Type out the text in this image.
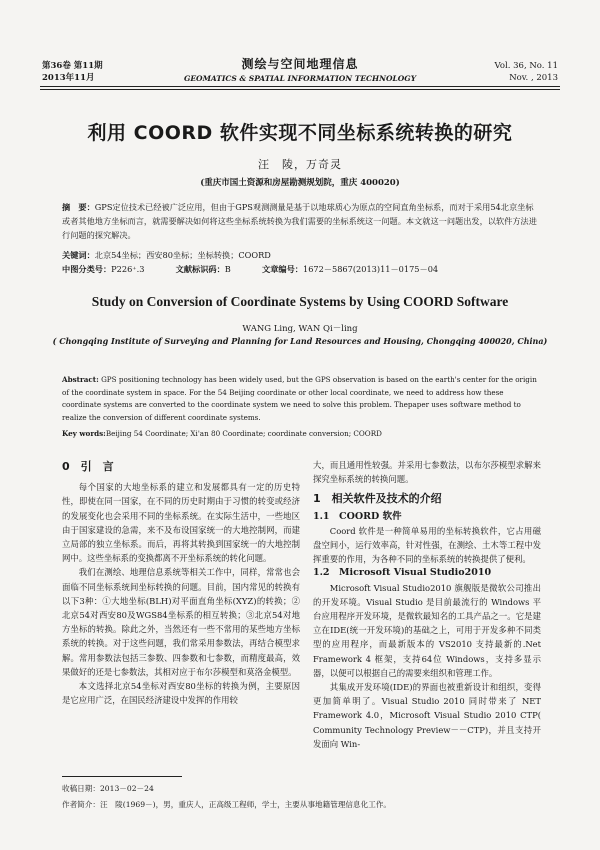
第36卷 第11期
2013年11月
测绘与空间地理信息
GEOMATICS & SPATIAL INFORMATION TECHNOLOGY
Vol. 36, No. 11
Nov. , 2013
利用 COORD 软件实现不同坐标系统转换的研究
汪　陵，万奇灵
(重庆市国土资源和房屋勘测规划院，重庆 400020)
摘　要：GPS定位技术已经被广泛应用，但由于GPS观测测量是基于以地球质心为原点的空间直角坐标系，而对于采用54北京坐标或者其他地方坐标而言，就需要解决如何将这些坐标系统转换为我们需要的坐标系统这一问题。本文就这一问题出发，以软件方法进行问题的探究解决。
关键词：北京54坐标；西安80坐标；坐标转换；COORD
中图分类号：P226⁺.3	文献标识码：B	文章编号：1672－5867(2013)11－0175－04
Study on Conversion of Coordinate Systems by Using COORD Software
WANG Ling, WAN Qi－ling
( Chongqing Institute of Surveying and Planning for Land Resources and Housing, Chongqing 400020, China)
Abstract: GPS positioning technology has been widely used, but the GPS observation is based on the earth's center for the origin of the coordinate system in space. For the 54 Beijing coordinate or other local coordinate, we need to address how these coordinate systems are converted to the coordinate system we need to solve this problem. Thepaper uses software method to realize the conversion of different coordinate systems.
Key words:Beijing 54 Coordinate; Xi'an 80 Coordinate; coordinate conversion; COORD
0　引　言

每个国家的大地坐标系的建立和发展都具有一定的历史特性，即使在同一国家，在不同的历史时期由于习惯的转变或经济的发展变化也会采用不同的坐标系统。在实际生活中，一些地区由于国家建设的急需，来不及布设国家统一的大地控制网，而建立局部的独立坐标系。而后，再将其转换到国家统一的大地控制网中。这些坐标系的变换都离不开坐标系统的转化问题。

我们在测绘、地理信息系统等相关工作中，同样，常常也会面临不同坐标系统间坐标转换的问题。目前，国内常见的转换有以下3种：①大地坐标(BLH)对平面直角坐标(XYZ)的转换；②北京54对西安80及WGS84坐标系的相互转换；③北京54对地方坐标的转换。除此之外，当然还有一些不常用的某些地方坐标系统的转换。对于这些问题，我们常采用参数法，再结合模型求解。常用参数法包括三参数、四参数和七参数，而精度最高，效果做好的还是七参数法，其相对应于布尔莎模型和莫洛金模型。

本文选择北京54坐标对西安80坐标的转换为例，主要原因是它应用广泛，在国民经济建设中发挥的作用较

大，而且通用性较强。并采用七参数法，以布尔莎模型求解来探究坐标系统的转换问题。

1　相关软件及技术的介绍
1.1　COORD 软件

Coord 软件是一种简单易用的坐标转换软件，它占用磁盘空间小，运行效率高，针对性强，在测绘、土木等工程中发挥重要的作用，为各种不同的坐标系统的转换提供了便利。

1.2　Microsoft Visual Studio2010

Microsoft Visual Studio2010 旗舰版是微软公司推出的开发环境。Visual Studio 是目前最流行的 Windows 平台应用程序开发环境，是微软最知名的工具产品之一。它是建立在IDE(统一开发环境)的基础之上，可用于开发多种不同类型的应用程序，而最新版本的 VS2010 支持最新的.Net Framework 4 框架，支持64位 Windows，支持多显示器，以便可以根据自己的需要来组织和管理工作。

其集成开发环境(IDE)的界面也被重新设计和组织，变得更加简单明了。Visual Studio 2010 同时带来了 NET Framework 4.0，Microsoft Visual Studio 2010 CTP( Community Technology Preview－－CTP)，并且支持开发面向 Win-

收稿日期：2013－02－24
作者简介：汪　陵(1969－)，男，重庆人，正高级工程师，学士，主要从事地籍管理信息化工作。
